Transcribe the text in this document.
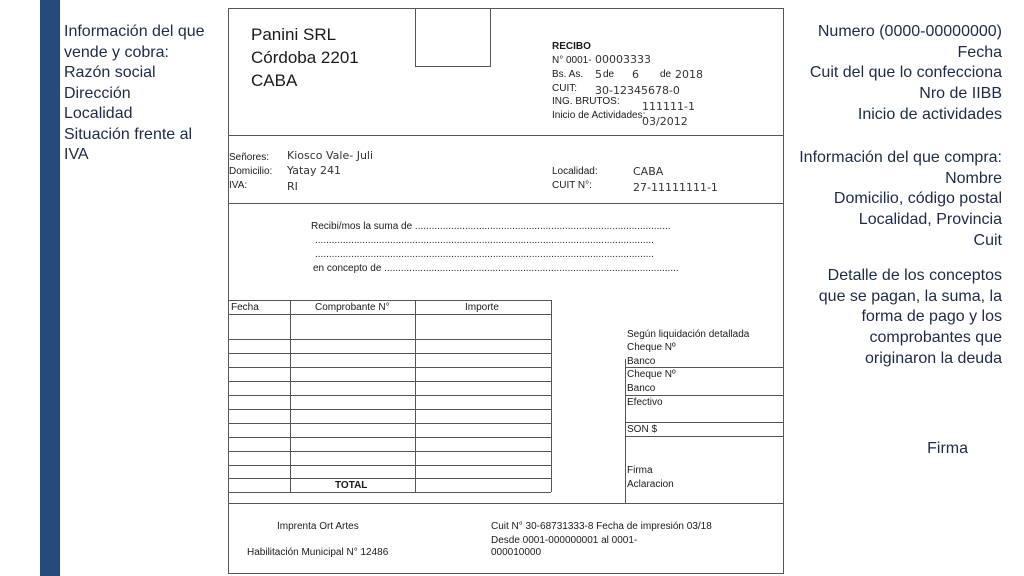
Información del que
vende y cobra:
Razón social
Dirección
Localidad
Situación frente al
IVA
Numero (0000-00000000)
Fecha
Cuit del que lo confecciona
Nro de IIBB
Inicio de actividades
Información del que compra:
Nombre
Domicilio, código postal
Localidad, Provincia
Cuit
Detalle de los conceptos
que se pagan, la suma, la
forma de pago y los
comprobantes que
originaron la deuda
Firma
Panini SRL
Córdoba 2201
CABA
RECIBO
N° 0001- 00003333
Bs. As. 5 de 6 de 2018
CUIT: 30-12345678-0
ING. BRUTOS: 111111-1
Inicio de Actividades:
03/2012
Señores: Kiosco Vale- Juli
Domicilio: Yatay 241
IVA:	RI
Localidad:	CABA
CUIT N°:	27-11111111-1
Recibi/mos la suma de ............................................................................................
..........................................................................................................................
..........................................................................................................................
en concepto de ..........................................................................................................
Fecha	Comprobante N°	Importe
TOTAL
Según liquidación detallada
Cheque Nº
Banco
Cheque Nº
Banco
Efectivo
SON $
Firma
Aclaracion
Imprenta Ort Artes
Habilitación Municipal N° 12486
Cuit N° 30-68731333-8 Fecha de impresión 03/18
Desde 0001-000000001 al 0001-
000010000
